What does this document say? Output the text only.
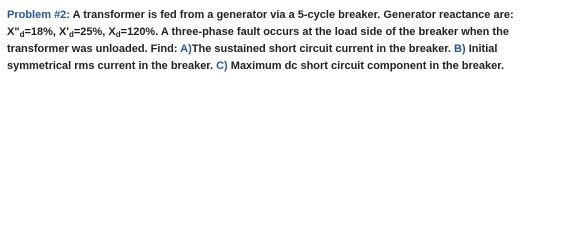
Problem #2: A transformer is fed from a generator via a 5-cycle breaker. Generator reactance are:
$X"_d=18\%$, $X'_d=25\%$, $X_d=120\%$. A three-phase fault occurs at the load side of the breaker when the
transformer was unloaded. Find: A)The sustained short circuit current in the breaker. B) Initial
symmetrical rms current in the breaker. C) Maximum dc short circuit component in the breaker.
